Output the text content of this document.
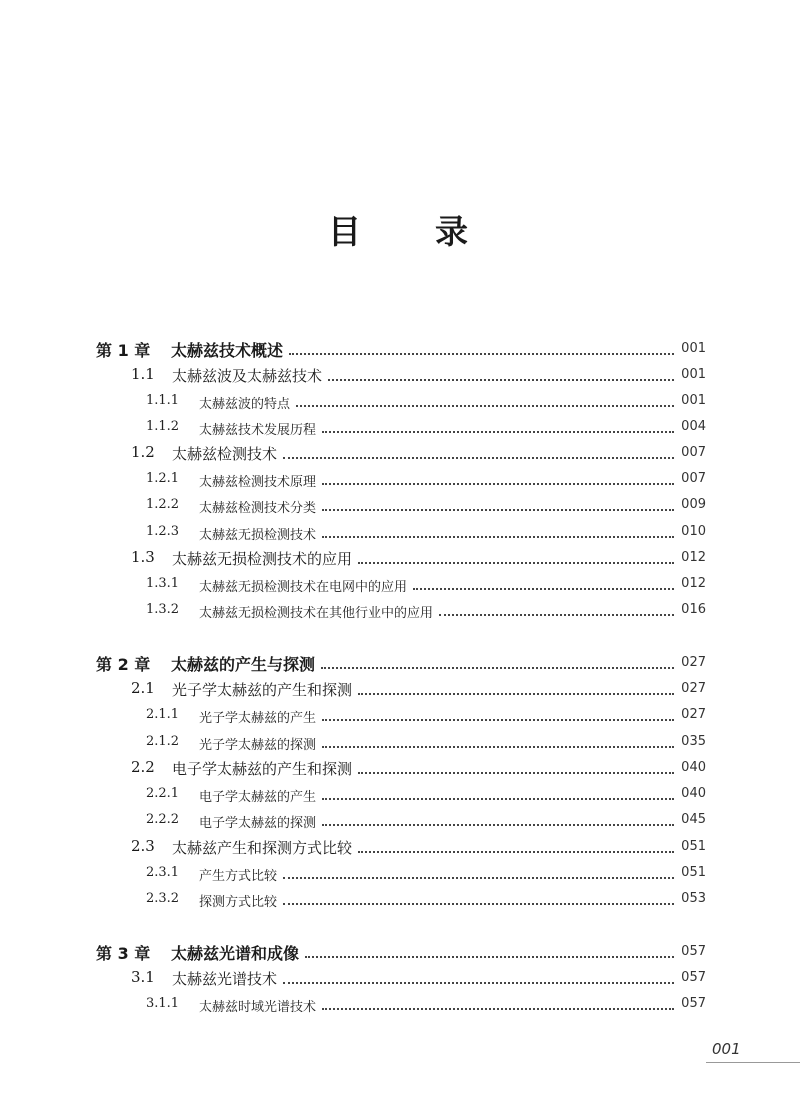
目 录
第 1 章 太赫兹技术概述	001
1.1 太赫兹波及太赫兹技术	001
1.1.1 太赫兹波的特点	001
1.1.2 太赫兹技术发展历程	004
1.2 太赫兹检测技术	007
1.2.1 太赫兹检测技术原理	007
1.2.2 太赫兹检测技术分类	009
1.2.3 太赫兹无损检测技术	010
1.3 太赫兹无损检测技术的应用	012
1.3.1 太赫兹无损检测技术在电网中的应用	012
1.3.2 太赫兹无损检测技术在其他行业中的应用	016
第 2 章 太赫兹的产生与探测	027
2.1 光子学太赫兹的产生和探测	027
2.1.1 光子学太赫兹的产生	027
2.1.2 光子学太赫兹的探测	035
2.2 电子学太赫兹的产生和探测	040
2.2.1 电子学太赫兹的产生	040
2.2.2 电子学太赫兹的探测	045
2.3 太赫兹产生和探测方式比较	051
2.3.1 产生方式比较	051
2.3.2 探测方式比较	053
第 3 章 太赫兹光谱和成像	057
3.1 太赫兹光谱技术	057
3.1.1 太赫兹时域光谱技术	057
001
